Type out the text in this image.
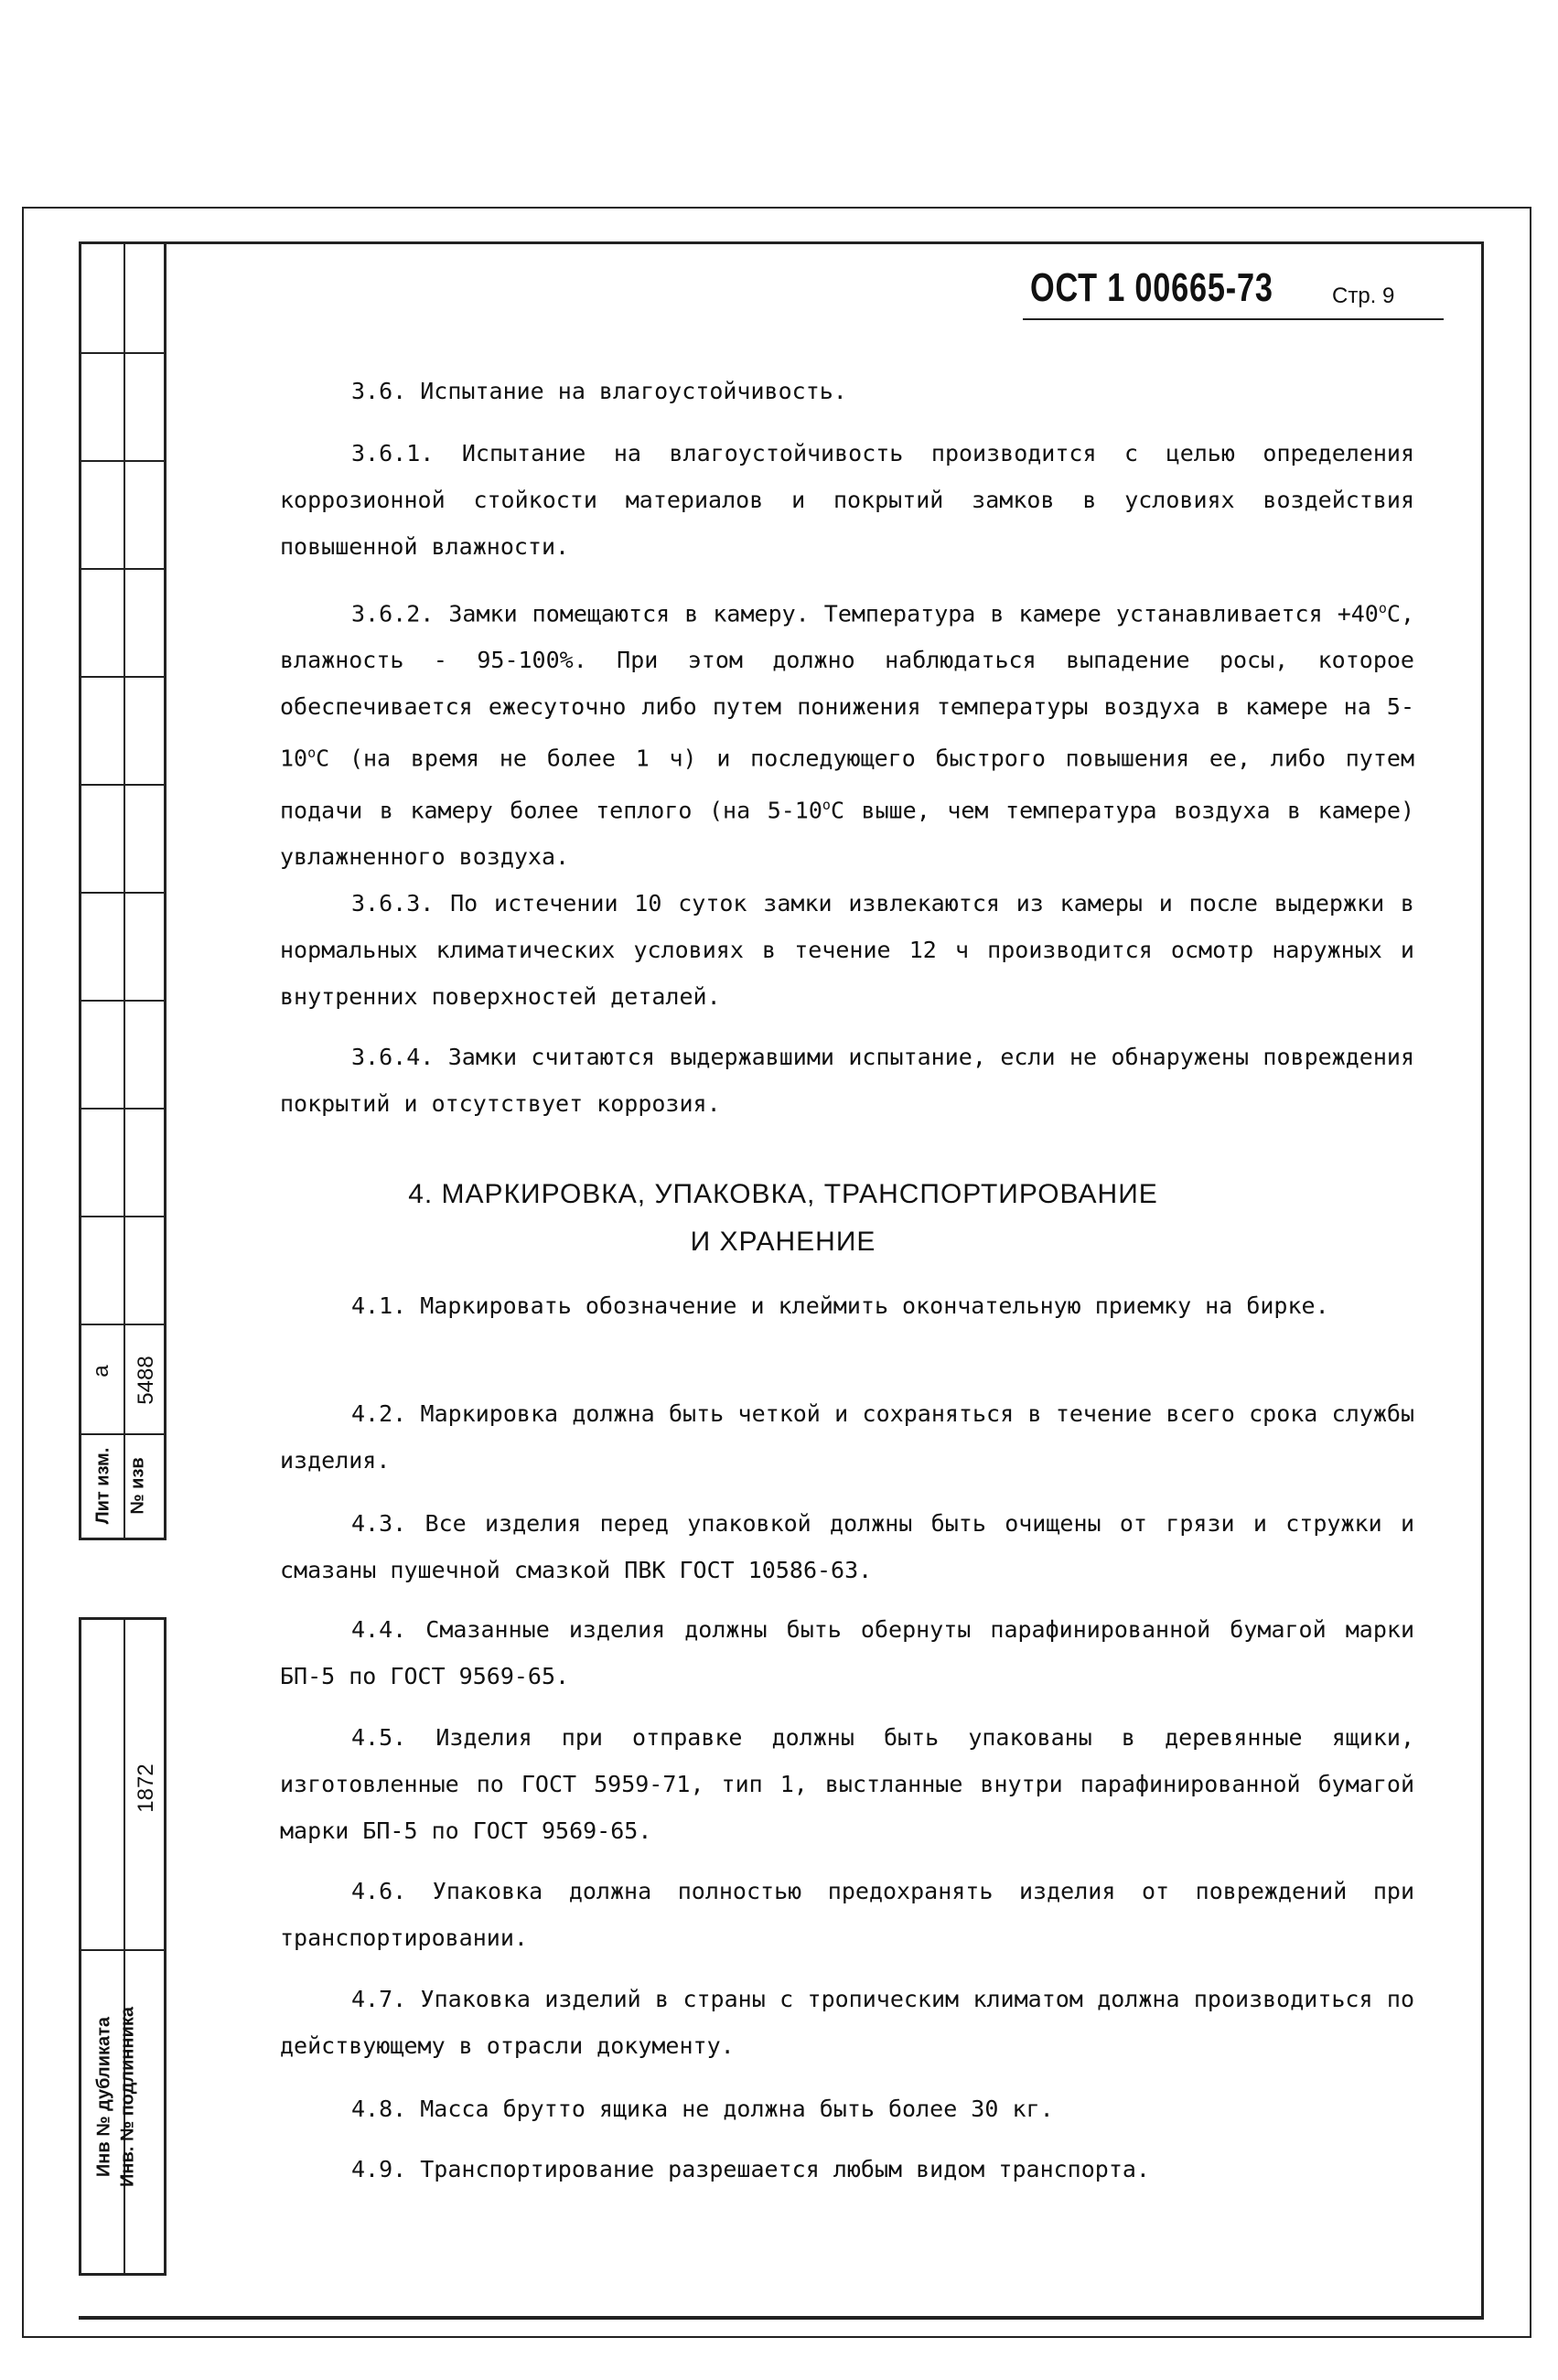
a 5488
Лит изм. № изв
1872
Инв № дубликата Инв. № подлинника
ОСТ 1 00665-73	Стр. 9
3.6. Испытание на влагоустойчивость.
3.6.1. Испытание на влагоустойчивость производится с целью определения коррозионной стойкости материалов и покрытий замков в условиях воздействия повышенной влажности.
3.6.2. Замки помещаются в камеру. Температура в камере устанавливается $+40^оС$, влажность - 95-100%. При этом должно наблюдаться выпадение росы, которое обеспечивается ежесуточно либо путем понижения температуры воздуха в камере на $5-10^оС$ (на время не более 1 ч) и последующего быстрого повышения ее, либо путем подачи в камеру более теплого (на $5-10^оС$ выше, чем температура воздуха в камере) увлажненного воздуха.
3.6.3. По истечении 10 суток замки извлекаются из камеры и после выдержки в нормальных климатических условиях в течение 12 ч производится осмотр наружных и внутренних поверхностей деталей.
3.6.4. Замки считаются выдержавшими испытание, если не обнаружены повреждения покрытий и отсутствует коррозия.
4. МАРКИРОВКА, УПАКОВКА, ТРАНСПОРТИРОВАНИЕ
И ХРАНЕНИЕ
4.1. Маркировать обозначение и клеймить окончательную приемку на бирке.
4.2. Маркировка должна быть четкой и сохраняться в течение всего срока службы изделия.
4.3. Все изделия перед упаковкой должны быть очищены от грязи и стружки и смазаны пушечной смазкой ПВК ГОСТ 10586-63.
4.4. Смазанные изделия должны быть обернуты парафинированной бумагой марки БП-5 по ГОСТ 9569-65.
4.5. Изделия при отправке должны быть упакованы в деревянные ящики, изготовленные по ГОСТ 5959-71, тип 1, выстланные внутри парафинированной бумагой марки БП-5 по ГОСТ 9569-65.
4.6. Упаковка должна полностью предохранять изделия от повреждений при транспортировании.
4.7. Упаковка изделий в страны с тропическим климатом должна производиться по действующему в отрасли документу.
4.8. Масса брутто ящика не должна быть более 30 кг.
4.9. Транспортирование разрешается любым видом транспорта.
